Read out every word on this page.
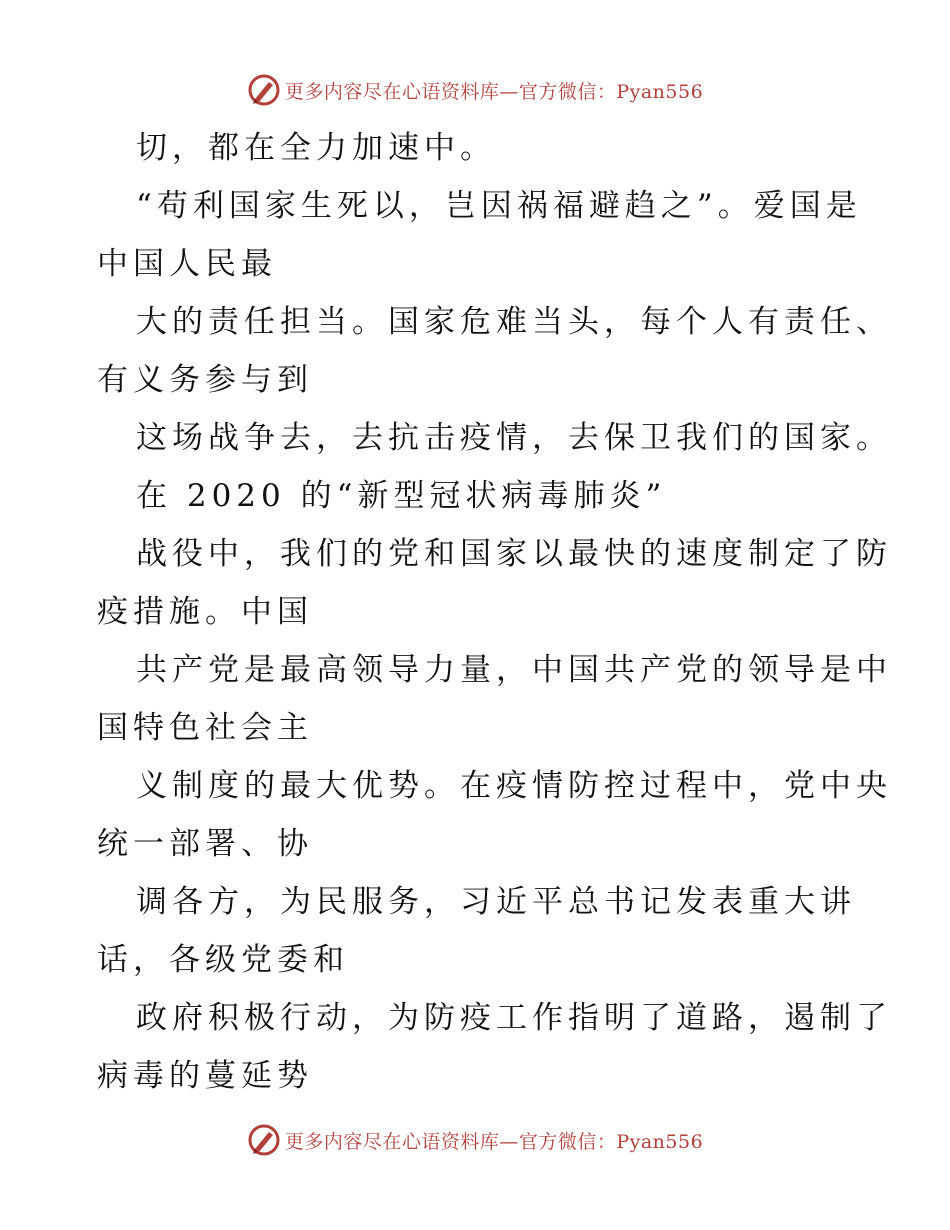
更多内容尽在心语资料库—官方微信：Pyan556
切，都在全力加速中。
“苟利国家生死以，岂因祸福避趋之”。爱国是
中国人民最
大的责任担当。国家危难当头，每个人有责任、
有义务参与到
这场战争去，去抗击疫情，去保卫我们的国家。
在 2020 的“新型冠状病毒肺炎”
战役中，我们的党和国家以最快的速度制定了防
疫措施。中国
共产党是最高领导力量，中国共产党的领导是中
国特色社会主
义制度的最大优势。在疫情防控过程中，党中央
统一部署、协
调各方，为民服务，习近平总书记发表重大讲
话，各级党委和
政府积极行动，为防疫工作指明了道路，遏制了
病毒的蔓延势
更多内容尽在心语资料库—官方微信：Pyan556
